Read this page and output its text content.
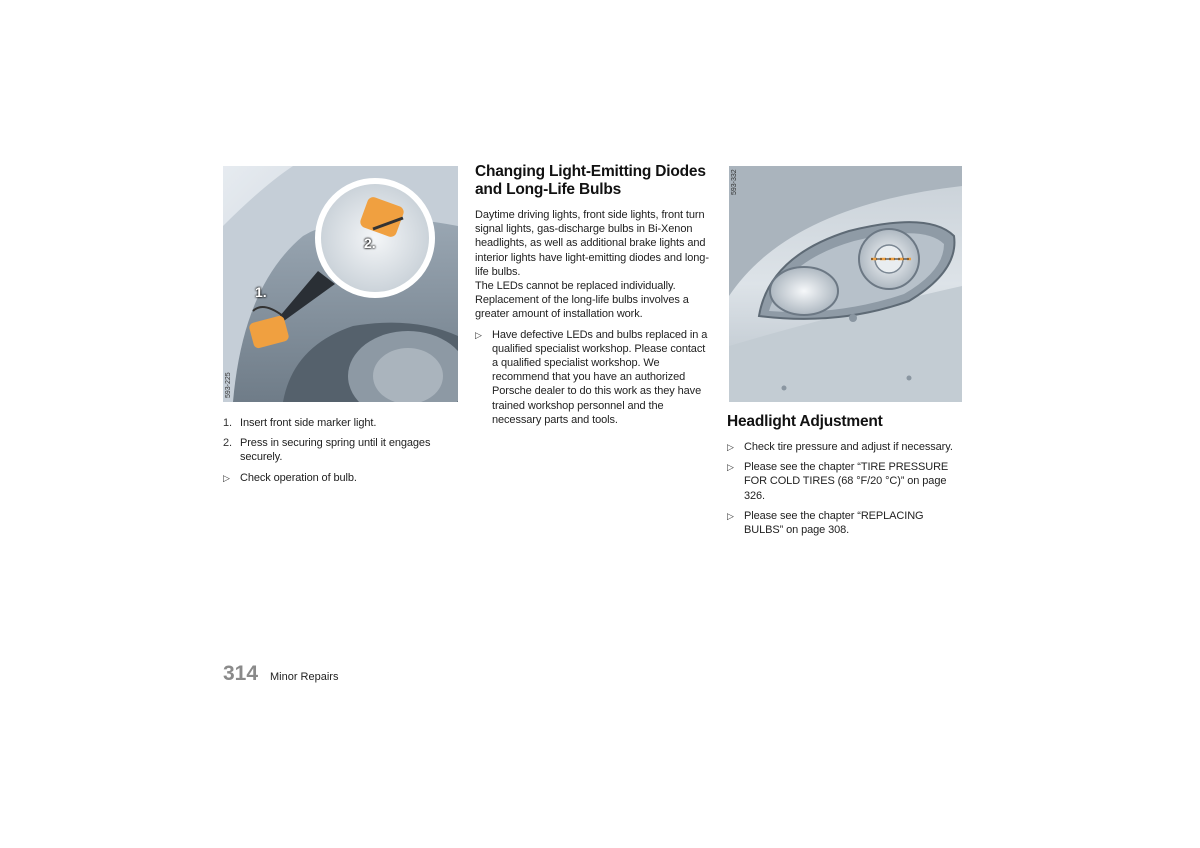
1.
2.
593-225
1. Insert front side marker light.
2. Press in securing spring until it engages securely.
▷ Check operation of bulb.
Changing Light-Emitting Diodes
and Long-Life Bulbs

Daytime driving lights, front side lights, front turn signal lights, gas-discharge bulbs in Bi-Xenon headlights, as well as additional brake lights and interior lights have light-emitting diodes and long-life bulbs.

The LEDs cannot be replaced individually. Replacement of the long-life bulbs involves a greater amount of installation work.

▷ Have defective LEDs and bulbs replaced in a qualified specialist workshop. Please contact a qualified specialist workshop. We recommend that you have an authorized Porsche dealer to do this work as they have trained workshop personnel and the necessary parts and tools.
593-332
Headlight Adjustment
▷ Check tire pressure and adjust if necessary.
▷ Please see the chapter “TIRE PRESSURE FOR COLD TIRES (68 °F/20 °C)” on page 326.
▷ Please see the chapter “REPLACING BULBS” on page 308.
314 Minor Repairs
